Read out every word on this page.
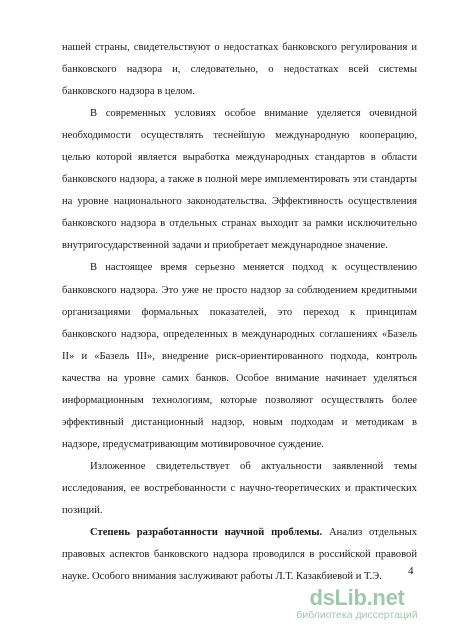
нашей страны, свидетельствуют о недостатках банковского регулирования и банковского надзора и, следовательно, о недостатках всей системы банковского надзора в целом.

В современных условиях особое внимание уделяется очевидной необходимости осуществлять теснейшую международную кооперацию, целью которой является выработка международных стандартов в области банковского надзора, а также в полной мере имплементировать эти стандарты на уровне национального законодательства. Эффективность осуществления банковского надзора в отдельных странах выходит за рамки исключительно внутригосударственной задачи и приобретает международное значение.

В настоящее время серьезно меняется подход к осуществлению банковского надзора. Это уже не просто надзор за соблюдением кредитными организациями формальных показателей, это переход к принципам банковского надзора, определенных в международных соглашениях «Базель II» и «Базель III», внедрение риск-ориентированного подхода, контроль качества на уровне самих банков. Особое внимание начинает уделяться информационным технологиям, которые позволяют осуществлять более эффективный дистанционный надзор, новым подходам и методикам в надзоре, предусматривающим мотивировочное суждение.

Изложенное свидетельствует об актуальности заявленной темы исследования, ее востребованности с научно-теоретических и практических позиций.

Степень разработанности научной проблемы. Анализ отдельных правовых аспектов банковского надзора проводился в российской правовой науке. Особого внимания заслуживают работы Л.Т. Казакбиевой и Т.Э.	4
dsLib.net
библиотека диссертаций
